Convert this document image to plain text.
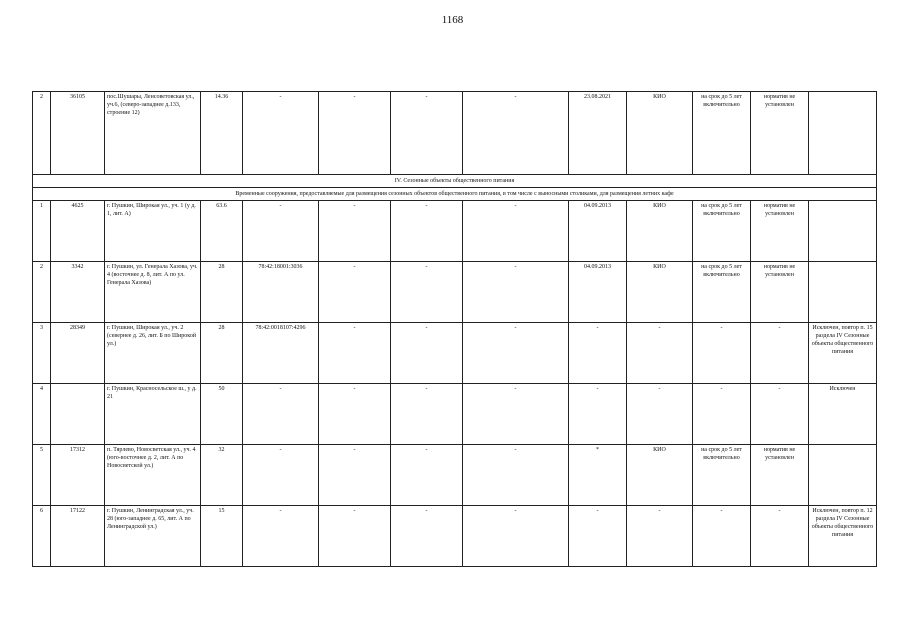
1168
2	36105	пос.Шушары, Ленсоветовская ул., уч.6, (северо-западнее д.133, строение 12)	14.36	-	-	-	-	23.08.2021	КИО	на срок до 5 лет включительно	норматив не установлен	
IV. Сезонные объекты общественного питания												
Временные сооружения, предоставляемые для размещения сезонных объектов общественного питания, в том числе с выносными столиками, для размещения летних кафе												
1	4625	г. Пушкин, Широкая ул., уч. 1 (у д. 1, лит. А)	63.6	-	-	-	-	04.09.2013	КИО	на срок до 5 лет включительно	норматив не установлен	
2	3342	г. Пушкин, ул. Генерала Хазова, уч. 4 (восточнее д. 8, лит. А по ул. Генерала Хазова)	28	78:42:18001:3036	-	-	-	04.09.2013	КИО	на срок до 5 лет включительно	норматив не установлен	
3	28349	г. Пушкин, Широкая ул., уч. 2 (севернее д. 26, лит. Б по Широкой ул.)	28	78:42:0018107:4296	-	-	-	-	-	-	-	Исключен, повтор п. 15 раздела IV Сезонные объекты общественного питания
4		г. Пушкин, Красносельское ш., у д. 21	50	-	-	-	-	-	-	-	-	Исключен
5	17312	п. Тярлево, Новосветская ул., уч. 4 (юго-восточнее д. 2, лит. А по Новосветской ул.)	32	-	-	-	-	*	КИО	на срок до 5 лет включительно	норматив не установлен	
6	17122	г. Пушкин, Ленинградская ул., уч. 28 (юго-западнее д. 65, лит. А по Ленинградской ул.)	15	-	-	-	-	-	-	-	-	Исключен, повтор п. 12 раздела IV Сезонные объекты общественного питания
